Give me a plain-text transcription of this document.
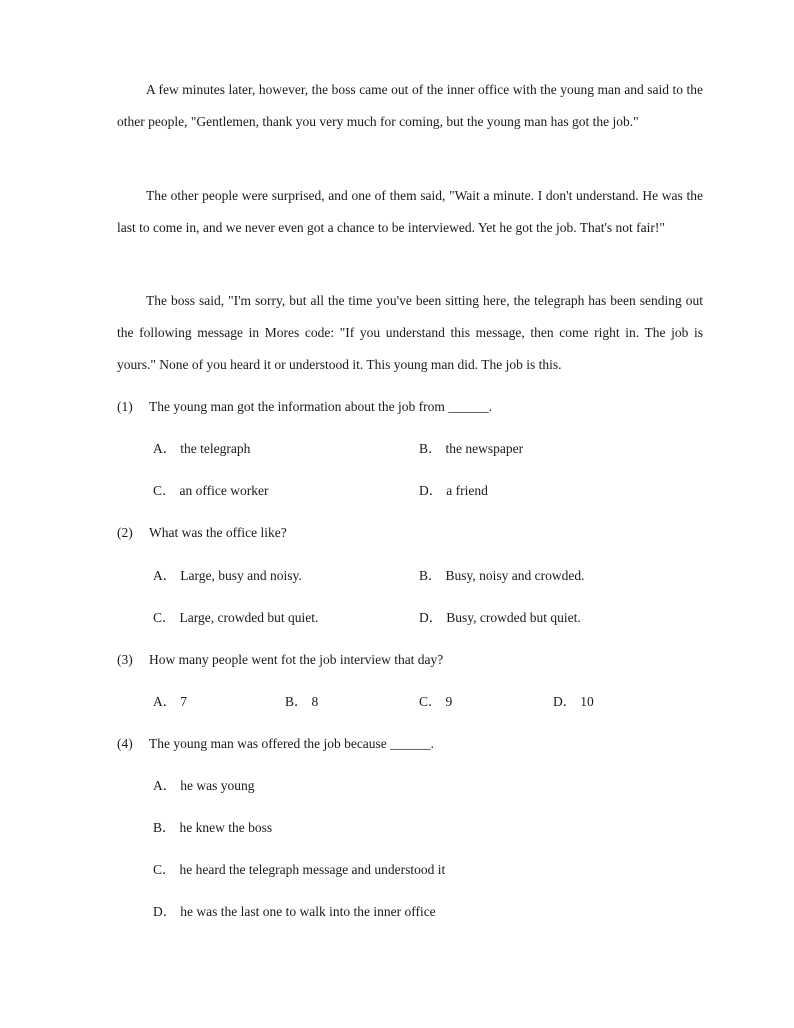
A few minutes later, however, the boss came out of the inner office with the young man and said to the other people, "Gentlemen, thank you very much for coming, but the young man has got the job."

The other people were surprised, and one of them said, "Wait a minute. I don't understand. He was the last to come in, and we never even got a chance to be interviewed. Yet he got the job. That's not fair!"

The boss said, "I'm sorry, but all the time you've been sitting here, the telegraph has been sending out the following message in Mores code: "If you understand this message, then come right in. The job is yours." None of you heard it or understood it. This young man did. The job is this.

(1) The young man got the information about the job from ______.
A． the telegraph	B． the newspaper
C． an office worker	D． a friend
(2) What was the office like?
A． Large, busy and noisy.	B． Busy, noisy and crowded.
C． Large, crowded but quiet.	D． Busy, crowded but quiet.
(3) How many people went fot the job interview that day?
A． 7	B． 8	C． 9	D． 10
(4) The young man was offered the job because ______.
A． he was young
B． he knew the boss
C． he heard the telegraph message and understood it
D． he was the last one to walk into the inner office
